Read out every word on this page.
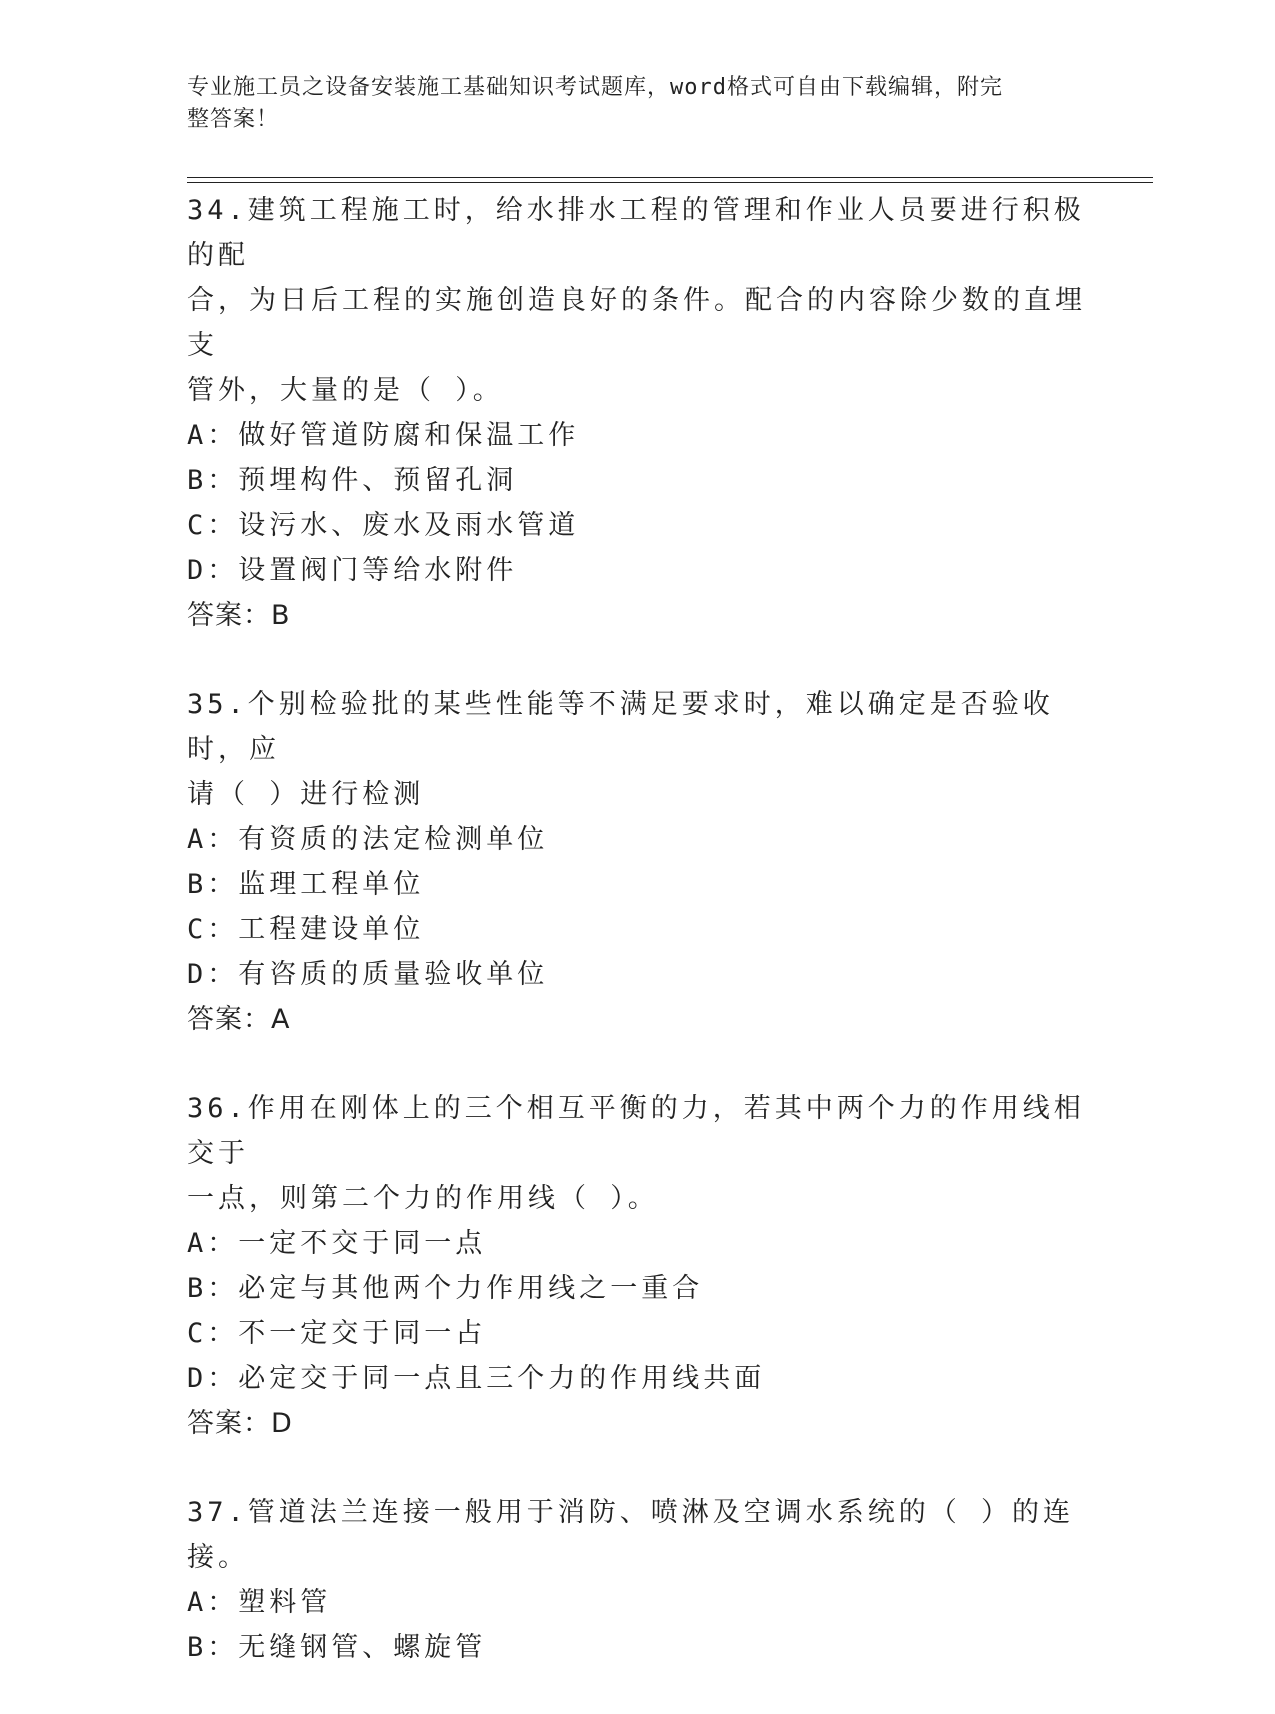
专业施工员之设备安装施工基础知识考试题库，word格式可自由下载编辑，附完
整答案！
34.建筑工程施工时，给水排水工程的管理和作业人员要进行积极的配
合，为日后工程的实施创造良好的条件。配合的内容除少数的直埋支
管外，大量的是（ ）。
A：做好管道防腐和保温工作
B：预埋构件、预留孔洞
C：设污水、废水及雨水管道
D：设置阀门等给水附件
答案：B
35.个别检验批的某些性能等不满足要求时，难以确定是否验收时，应
请（ ）进行检测
A：有资质的法定检测单位
B：监理工程单位
C：工程建设单位
D：有咨质的质量验收单位
答案：A
36.作用在刚体上的三个相互平衡的力，若其中两个力的作用线相交于
一点，则第二个力的作用线（ ）。
A：一定不交于同一点
B：必定与其他两个力作用线之一重合
C：不一定交于同一占
D：必定交于同一点且三个力的作用线共面
答案：D
37.管道法兰连接一般用于消防、喷淋及空调水系统的（ ）的连接。
A：塑料管
B：无缝钢管、螺旋管
